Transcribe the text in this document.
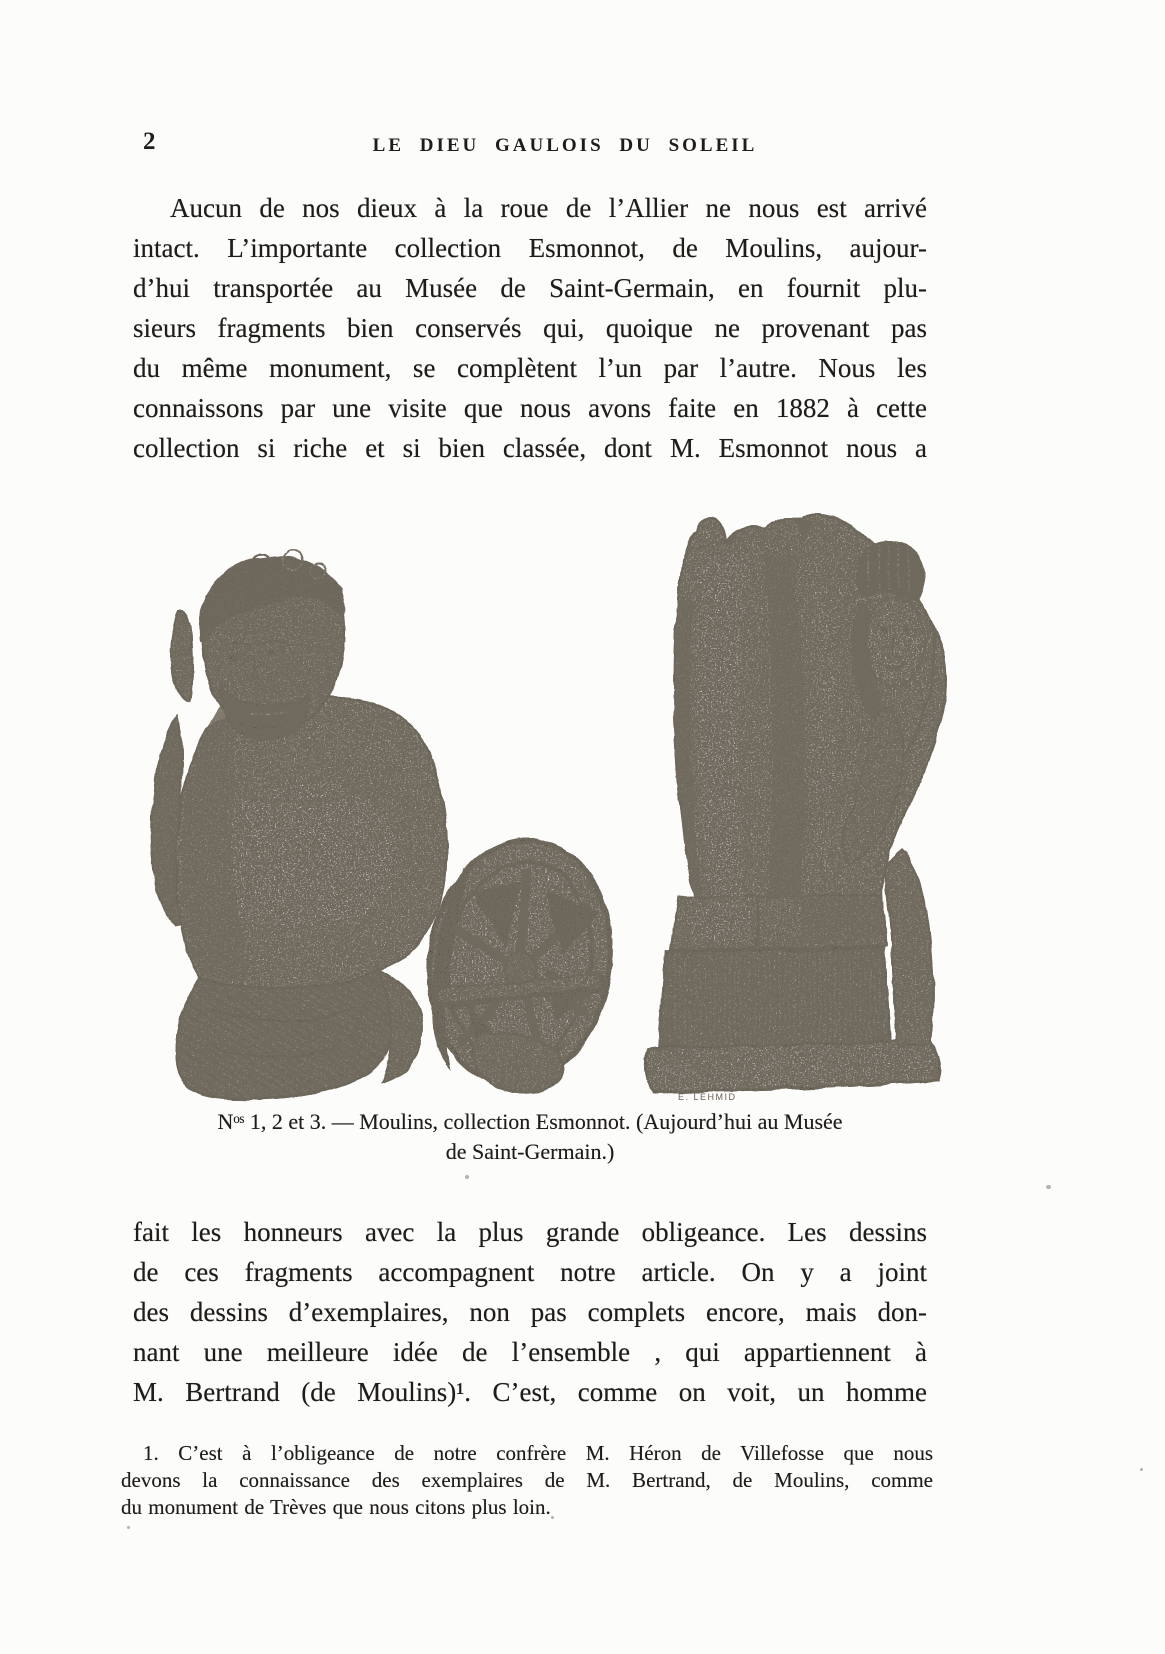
2	LE DIEU GAULOIS DU SOLEIL
Aucun de nos dieux à la roue de l’Allier ne nous est arrivé
intact. L’importante collection Esmonnot, de Moulins, aujour-
d’hui transportée au Musée de Saint-Germain, en fournit plu-
sieurs fragments bien conservés qui, quoique ne provenant pas
du même monument, se complètent l’un par l’autre. Nous les
connaissons par une visite que nous avons faite en 1882 à cette
collection si riche et si bien classée, dont M. Esmonnot nous a
E. LEHMID
Nᵒˢ 1, 2 et 3. — Moulins, collection Esmonnot. (Aujourd’hui au Musée
de Saint-Germain.)
fait les honneurs avec la plus grande obligeance. Les dessins
de ces fragments accompagnent notre article. On y a joint
des dessins d’exemplaires, non pas complets encore, mais don-
nant une meilleure idée de l’ensemble , qui appartiennent à
M. Bertrand (de Moulins)¹. C’est, comme on voit, un homme
1. C’est à l’obligeance de notre confrère M. Héron de Villefosse que nous
devons la connaissance des exemplaires de M. Bertrand, de Moulins, comme
du monument de Trèves que nous citons plus loin.
